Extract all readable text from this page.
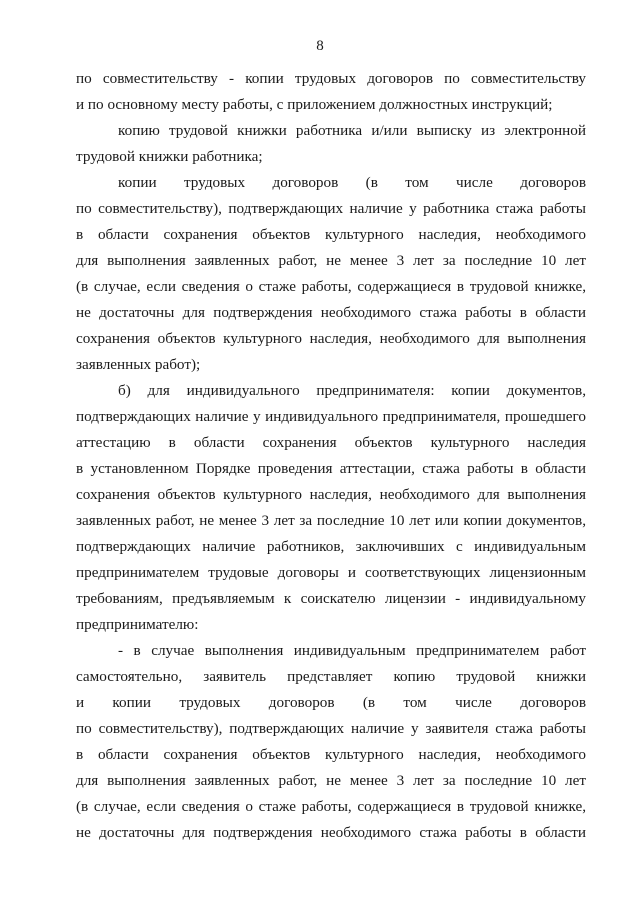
8
по совместительству - копии трудовых договоров по совместительству
и по основному месту работы, с приложением должностных инструкций;
копию трудовой книжки работника и/или выписку из электронной
трудовой книжки работника;
копии трудовых договоров (в том числе договоров
по совместительству), подтверждающих наличие у работника стажа работы
в области сохранения объектов культурного наследия, необходимого
для выполнения заявленных работ, не менее 3 лет за последние 10 лет
(в случае, если сведения о стаже работы, содержащиеся в трудовой книжке,
не достаточны для подтверждения необходимого стажа работы в области
сохранения объектов культурного наследия, необходимого для выполнения
заявленных работ);
б) для индивидуального предпринимателя: копии документов,
подтверждающих наличие у индивидуального предпринимателя, прошедшего
аттестацию в области сохранения объектов культурного наследия
в установленном Порядке проведения аттестации, стажа работы в области
сохранения объектов культурного наследия, необходимого для выполнения
заявленных работ, не менее 3 лет за последние 10 лет или копии документов,
подтверждающих наличие работников, заключивших с индивидуальным
предпринимателем трудовые договоры и соответствующих лицензионным
требованиям, предъявляемым к соискателю лицензии - индивидуальному
предпринимателю:
- в случае выполнения индивидуальным предпринимателем работ
самостоятельно, заявитель представляет копию трудовой книжки
и копии трудовых договоров (в том числе договоров
по совместительству), подтверждающих наличие у заявителя стажа работы
в области сохранения объектов культурного наследия, необходимого
для выполнения заявленных работ, не менее 3 лет за последние 10 лет
(в случае, если сведения о стаже работы, содержащиеся в трудовой книжке,
не достаточны для подтверждения необходимого стажа работы в области
